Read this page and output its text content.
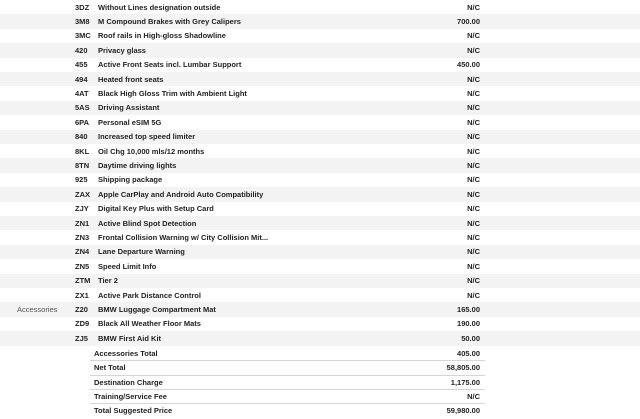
3DZ Without Lines designation outside	N/C
3M8 M Compound Brakes with Grey Calipers	700.00
3MC Roof rails in High-gloss Shadowline	N/C
420 Privacy glass	N/C
455 Active Front Seats incl. Lumbar Support	450.00
494 Heated front seats	N/C
4AT Black High Gloss Trim with Ambient Light	N/C
5AS Driving Assistant	N/C
6PA Personal eSIM 5G	N/C
840 Increased top speed limiter	N/C
8KL Oil Chg 10,000 mls/12 months	N/C
8TN Daytime driving lights	N/C
925 Shipping package	N/C
ZAX Apple CarPlay and Android Auto Compatibility	N/C
ZJY Digital Key Plus with Setup Card	N/C
ZN1 Active Blind Spot Detection	N/C
ZN3 Frontal Collision Warning w/ City Collision Mit...	N/C
ZN4 Lane Departure Warning	N/C
ZN5 Speed Limit Info	N/C
ZTM Tier 2	N/C
ZX1 Active Park Distance Control	N/C
Accessories Z20 BMW Luggage Compartment Mat	165.00
ZD9 Black All Weather Floor Mats	190.00
ZJ5 BMW First Aid Kit	50.00
Accessories Total	405.00
Net Total	58,805.00
Destination Charge	1,175.00
Training/Service Fee	N/C
Total Suggested Price	59,980.00
